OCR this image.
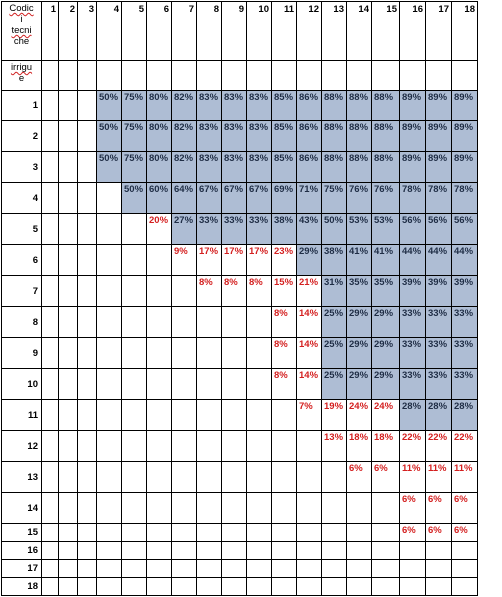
Codic
i
tecni
che	1	2	3	4	5	6	7	8	9	10	11	12	13	14	15	16	17	18
irrigu
e																		
1				50%	75%	80%	82%	83%	83%	83%	85%	86%	88%	88%	88%	89%	89%	89%
2				50%	75%	80%	82%	83%	83%	83%	85%	86%	88%	88%	88%	89%	89%	89%
3				50%	75%	80%	82%	83%	83%	83%	85%	86%	88%	88%	88%	89%	89%	89%
4					50%	60%	64%	67%	67%	67%	69%	71%	75%	76%	76%	78%	78%	78%
5						20%	27%	33%	33%	33%	38%	43%	50%	53%	53%	56%	56%	56%
6							9%	17%	17%	17%	23%	29%	38%	41%	41%	44%	44%	44%
7								8%	8%	8%	15%	21%	31%	35%	35%	39%	39%	39%
8											8%	14%	25%	29%	29%	33%	33%	33%
9											8%	14%	25%	29%	29%	33%	33%	33%
10											8%	14%	25%	29%	29%	33%	33%	33%
11												7%	19%	24%	24%	28%	28%	28%
12													13%	18%	18%	22%	22%	22%
13														6%	6%	11%	11%	11%
14																6%	6%	6%
15																6%	6%	6%
16																		
17																		
18																		
